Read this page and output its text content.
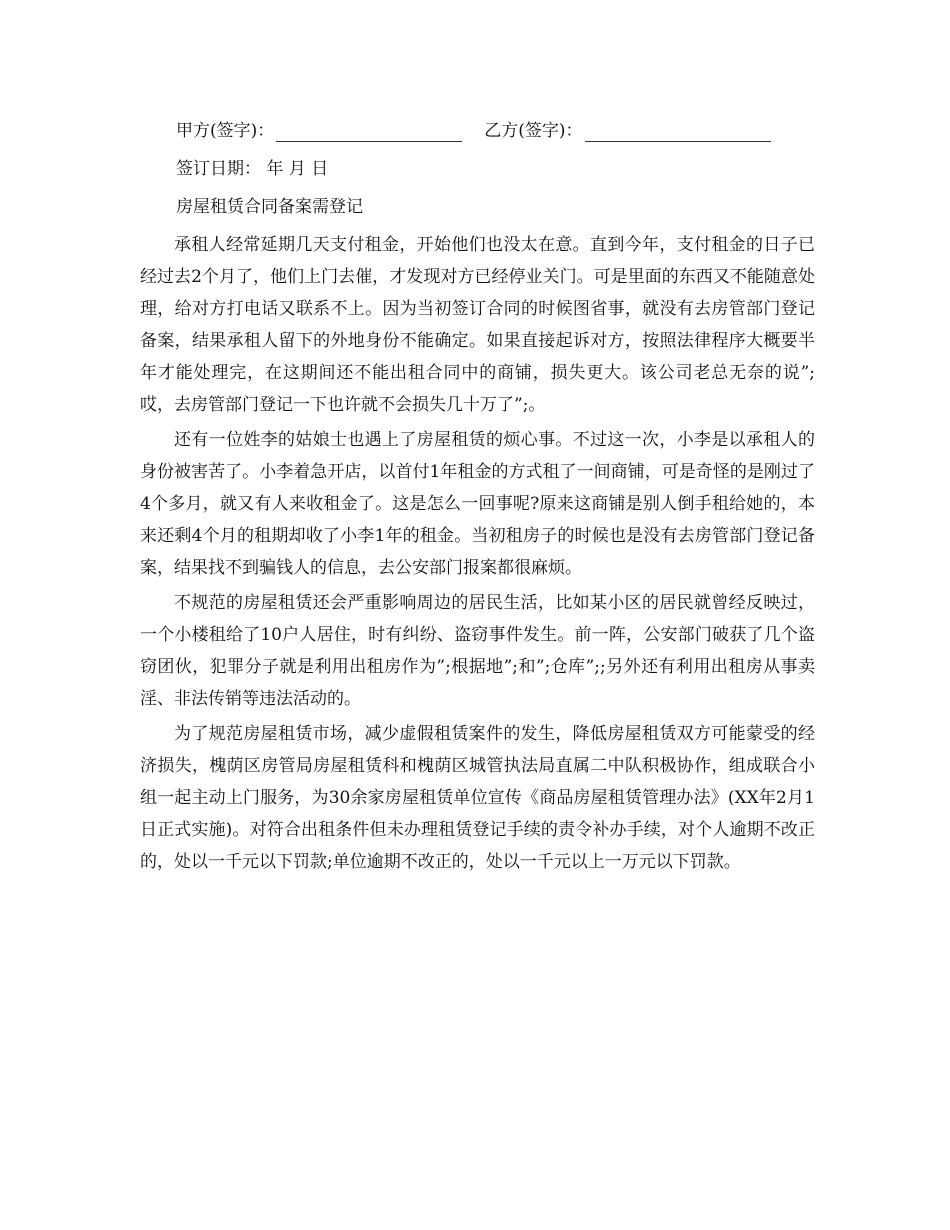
甲方(签字)：	乙方(签字)：
签订日期： 年 月 日
房屋租赁合同备案需登记

承租人经常延期几天支付租金，开始他们也没太在意。直到今年，支付租金的日子已经过去2个月了，他们上门去催，才发现对方已经停业关门。可是里面的东西又不能随意处理，给对方打电话又联系不上。因为当初签订合同的时候图省事，就没有去房管部门登记备案，结果承租人留下的外地身份不能确定。如果直接起诉对方，按照法律程序大概要半年才能处理完，在这期间还不能出租合同中的商铺，损失更大。该公司老总无奈的说”;哎，去房管部门登记一下也许就不会损失几十万了”;。

还有一位姓李的姑娘士也遇上了房屋租赁的烦心事。不过这一次，小李是以承租人的身份被害苦了。小李着急开店，以首付1年租金的方式租了一间商铺，可是奇怪的是刚过了4个多月，就又有人来收租金了。这是怎么一回事呢?原来这商铺是别人倒手租给她的，本来还剩4个月的租期却收了小李1年的租金。当初租房子的时候也是没有去房管部门登记备案，结果找不到骗钱人的信息，去公安部门报案都很麻烦。

不规范的房屋租赁还会严重影响周边的居民生活，比如某小区的居民就曾经反映过，一个小楼租给了10户人居住，时有纠纷、盗窃事件发生。前一阵，公安部门破获了几个盗窃团伙，犯罪分子就是利用出租房作为”;根据地”;和”;仓库”;;另外还有利用出租房从事卖淫、非法传销等违法活动的。

为了规范房屋租赁市场，减少虚假租赁案件的发生，降低房屋租赁双方可能蒙受的经济损失，槐荫区房管局房屋租赁科和槐荫区城管执法局直属二中队积极协作，组成联合小组一起主动上门服务，为30余家房屋租赁单位宣传《商品房屋租赁管理办法》(XX年2月1日正式实施)。对符合出租条件但未办理租赁登记手续的责令补办手续，对个人逾期不改正的，处以一千元以下罚款;单位逾期不改正的，处以一千元以上一万元以下罚款。
